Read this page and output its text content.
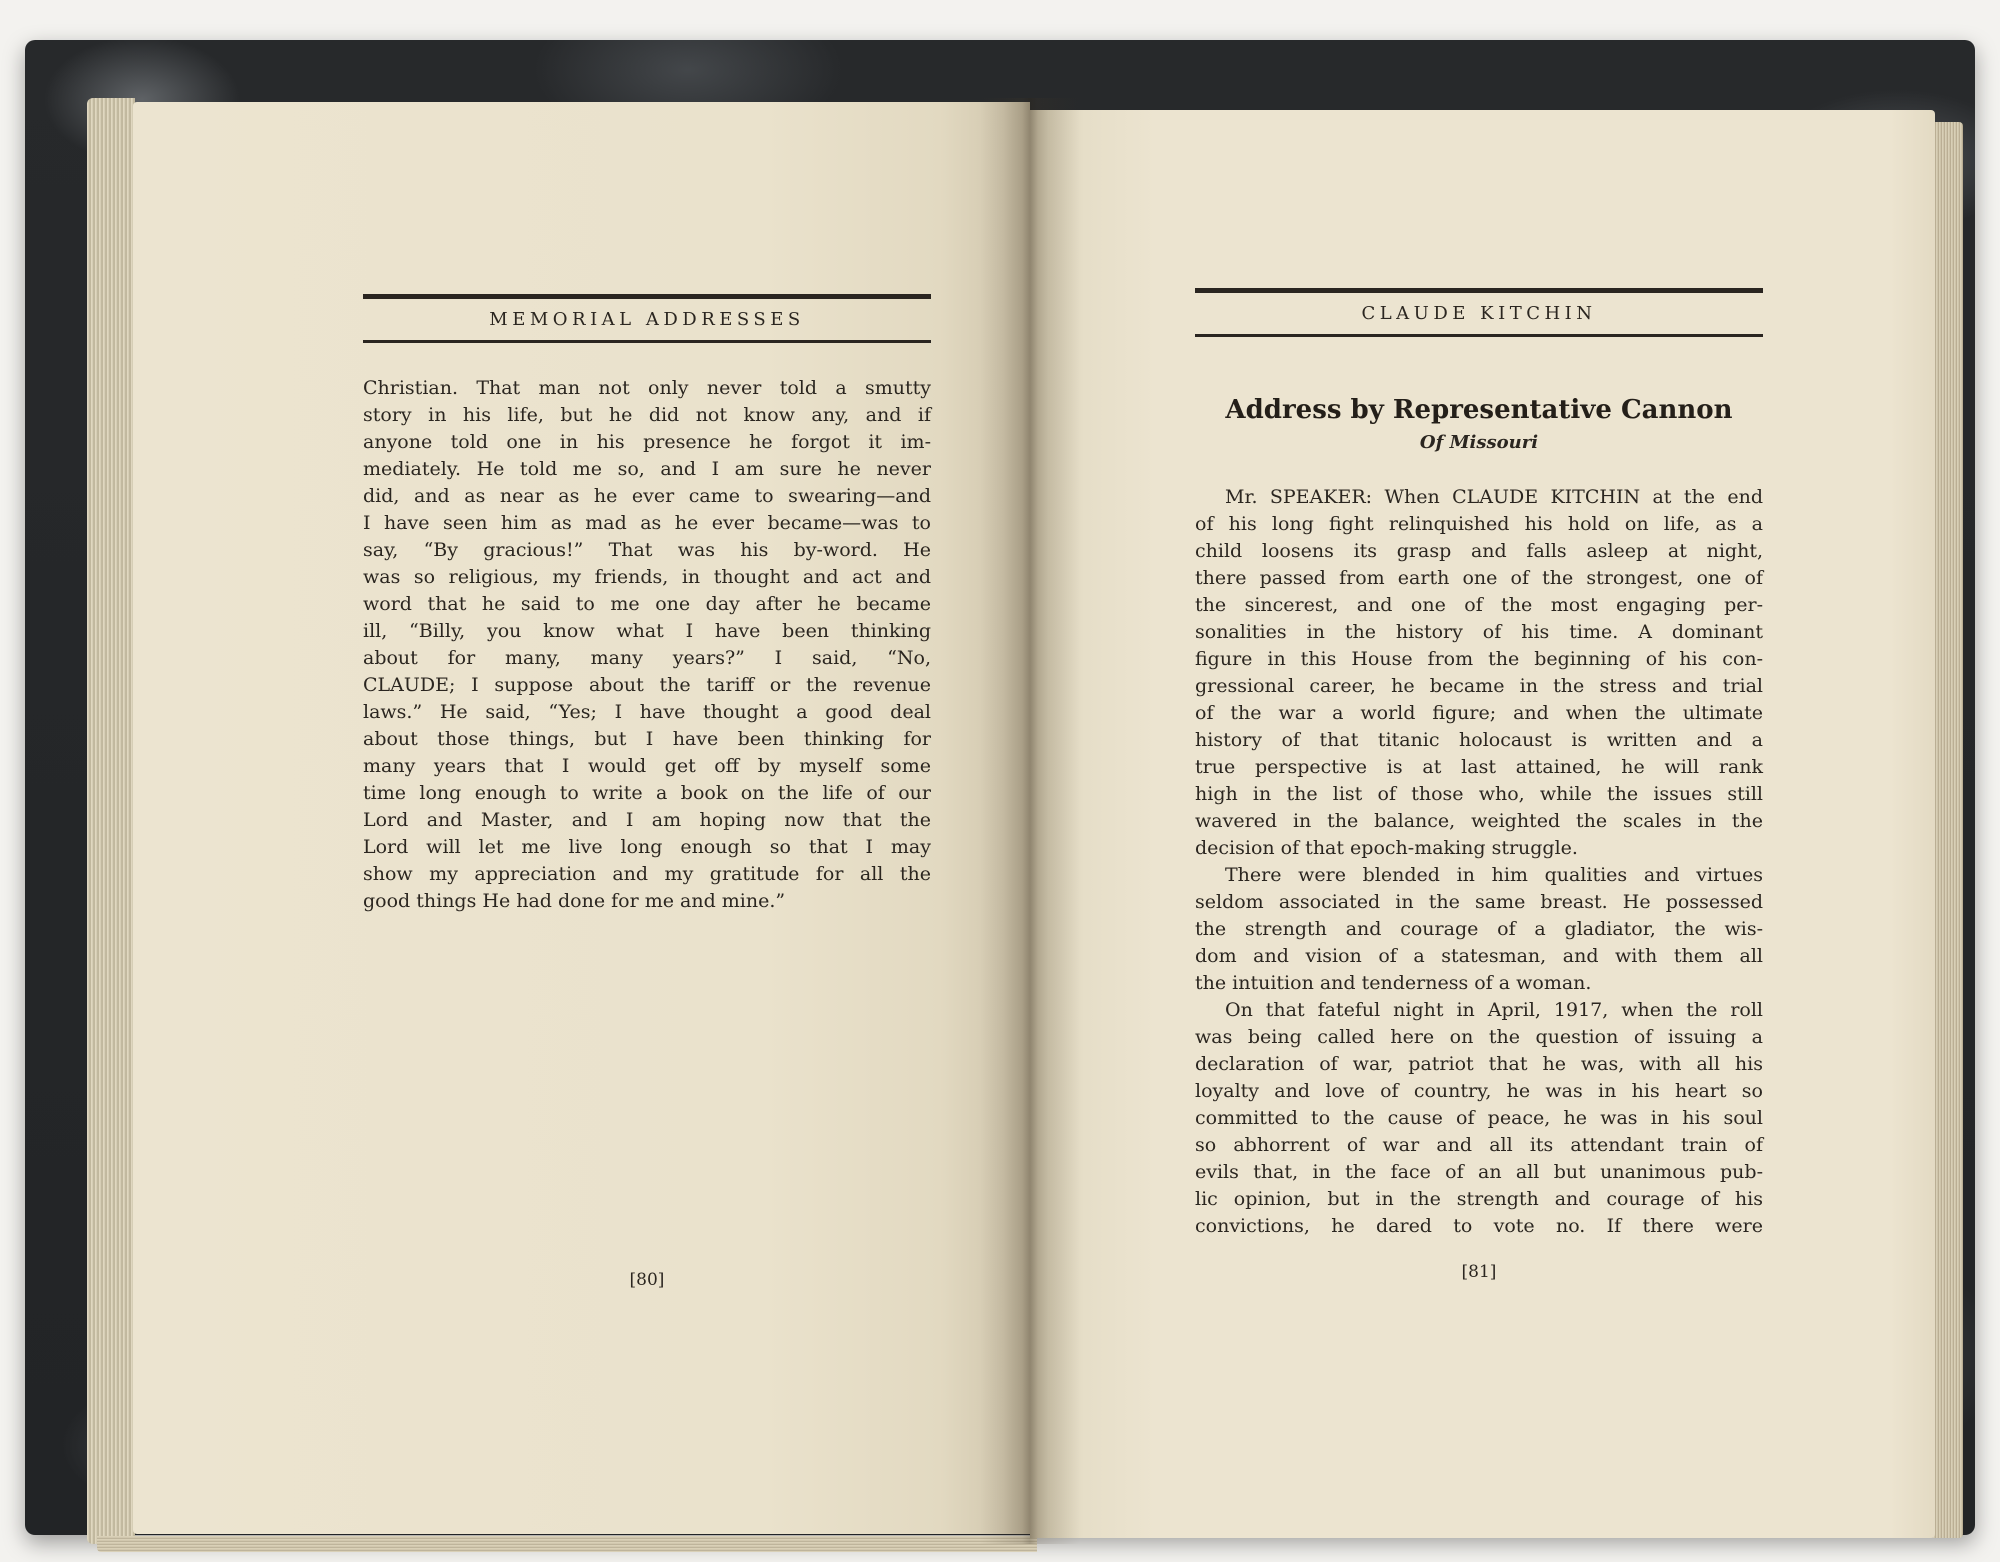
MEMORIAL ADDRESSES
Christian. That man not only never told a smutty
story in his life, but he did not know any, and if
anyone told one in his presence he forgot it im-
mediately. He told me so, and I am sure he never
did, and as near as he ever came to swearing—and
I have seen him as mad as he ever became—was to
say, “By gracious!” That was his by-word. He
was so religious, my friends, in thought and act and
word that he said to me one day after he became
ill, “Billy, you know what I have been thinking
about for many, many years?” I said, “No,
CLAUDE; I suppose about the tariff or the revenue
laws.” He said, “Yes; I have thought a good deal
about those things, but I have been thinking for
many years that I would get off by myself some
time long enough to write a book on the life of our
Lord and Master, and I am hoping now that the
Lord will let me live long enough so that I may
show my appreciation and my gratitude for all the
good things He had done for me and mine.”
[80]
CLAUDE KITCHIN
Address by Representative Cannon
Of Missouri
Mr. SPEAKER: When CLAUDE KITCHIN at the end
of his long fight relinquished his hold on life, as a
child loosens its grasp and falls asleep at night,
there passed from earth one of the strongest, one of
the sincerest, and one of the most engaging per-
sonalities in the history of his time. A dominant
figure in this House from the beginning of his con-
gressional career, he became in the stress and trial
of the war a world figure; and when the ultimate
history of that titanic holocaust is written and a
true perspective is at last attained, he will rank
high in the list of those who, while the issues still
wavered in the balance, weighted the scales in the
decision of that epoch-making struggle.
There were blended in him qualities and virtues
seldom associated in the same breast. He possessed
the strength and courage of a gladiator, the wis-
dom and vision of a statesman, and with them all
the intuition and tenderness of a woman.
On that fateful night in April, 1917, when the roll
was being called here on the question of issuing a
declaration of war, patriot that he was, with all his
loyalty and love of country, he was in his heart so
committed to the cause of peace, he was in his soul
so abhorrent of war and all its attendant train of
evils that, in the face of an all but unanimous pub-
lic opinion, but in the strength and courage of his
convictions, he dared to vote no. If there were
[81]
